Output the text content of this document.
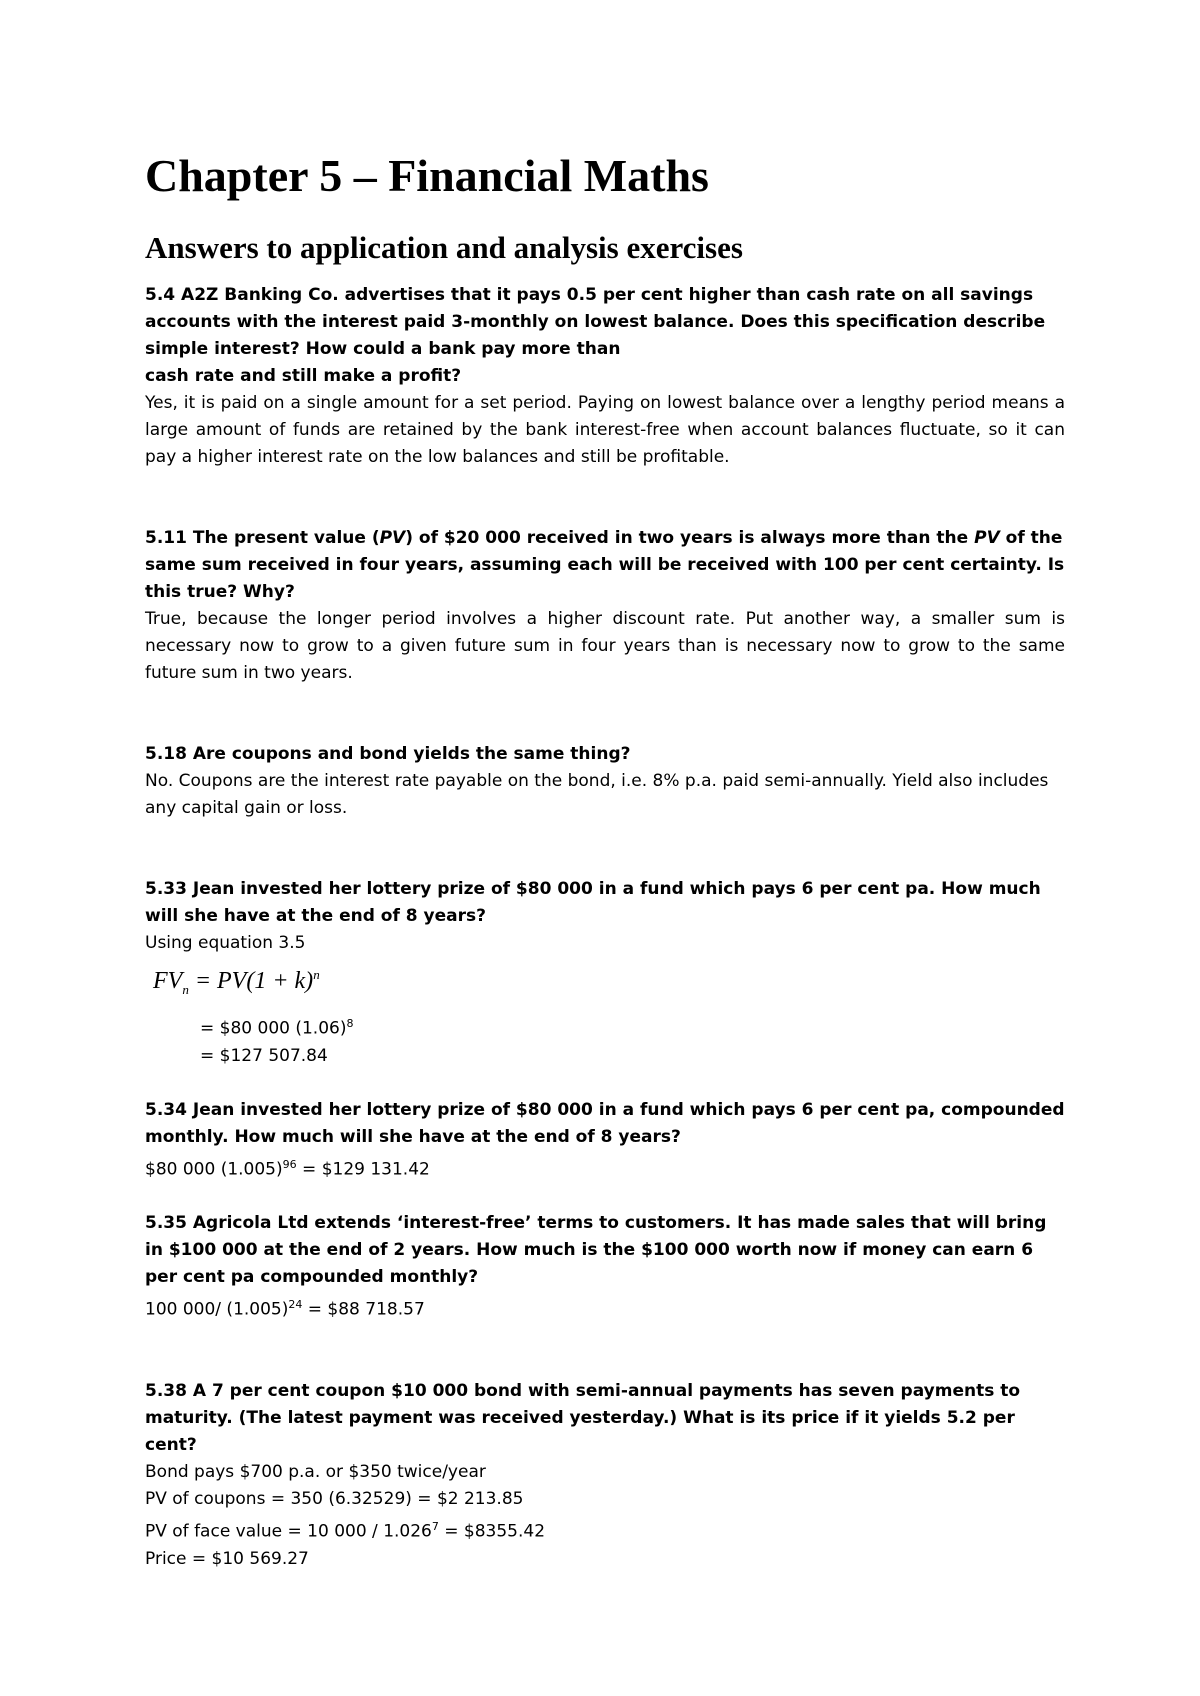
Chapter 5 – Financial Maths
Answers to application and analysis exercises

5.4 A2Z Banking Co. advertises that it pays 0.5 per cent higher than cash rate on all savings accounts with the interest paid 3-monthly on lowest balance. Does this specification describe simple interest? How could a bank pay more than

cash rate and still make a profit?

Yes, it is paid on a single amount for a set period. Paying on lowest balance over a lengthy period means a large amount of funds are retained by the bank interest-free when account balances fluctuate, so it can pay a higher interest rate on the low balances and still be profitable.

5.11 The present value (PV) of $20 000 received in two years is always more than the PV of the same sum received in four years, assuming each will be received with 100 per cent certainty. Is this true? Why?

True, because the longer period involves a higher discount rate. Put another way, a smaller sum is necessary now to grow to a given future sum in four years than is necessary now to grow to the same future sum in two years.

5.18 Are coupons and bond yields the same thing?

No. Coupons are the interest rate payable on the bond, i.e. 8% p.a. paid semi-annually. Yield also includes any capital gain or loss.

5.33 Jean invested her lottery prize of $80 000 in a fund which pays 6 per cent pa. How much will she have at the end of 8 years?

Using equation 3.5

$FV_n = PV(1 + k)^n$

= $80 000 $(1.06)^8$

= $127 507.84

5.34 Jean invested her lottery prize of $80 000 in a fund which pays 6 per cent pa, compounded monthly. How much will she have at the end of 8 years?

$80 000 $(1.005)^{96}$ = $129 131.42

5.35 Agricola Ltd extends ‘interest-free’ terms to customers. It has made sales that will bring in $100 000 at the end of 2 years. How much is the $100 000 worth now if money can earn 6 per cent pa compounded monthly?

100 000/ $(1.005)^{24}$ = $88 718.57

5.38 A 7 per cent coupon $10 000 bond with semi-annual payments has seven payments to maturity. (The latest payment was received yesterday.) What is its price if it yields 5.2 per cent?

Bond pays $700 p.a. or $350 twice/year

PV of coupons = 350 (6.32529) = $2 213.85

PV of face value = 10 $000 / 1.026^7$ = $8355.42

Price = $10 569.27
